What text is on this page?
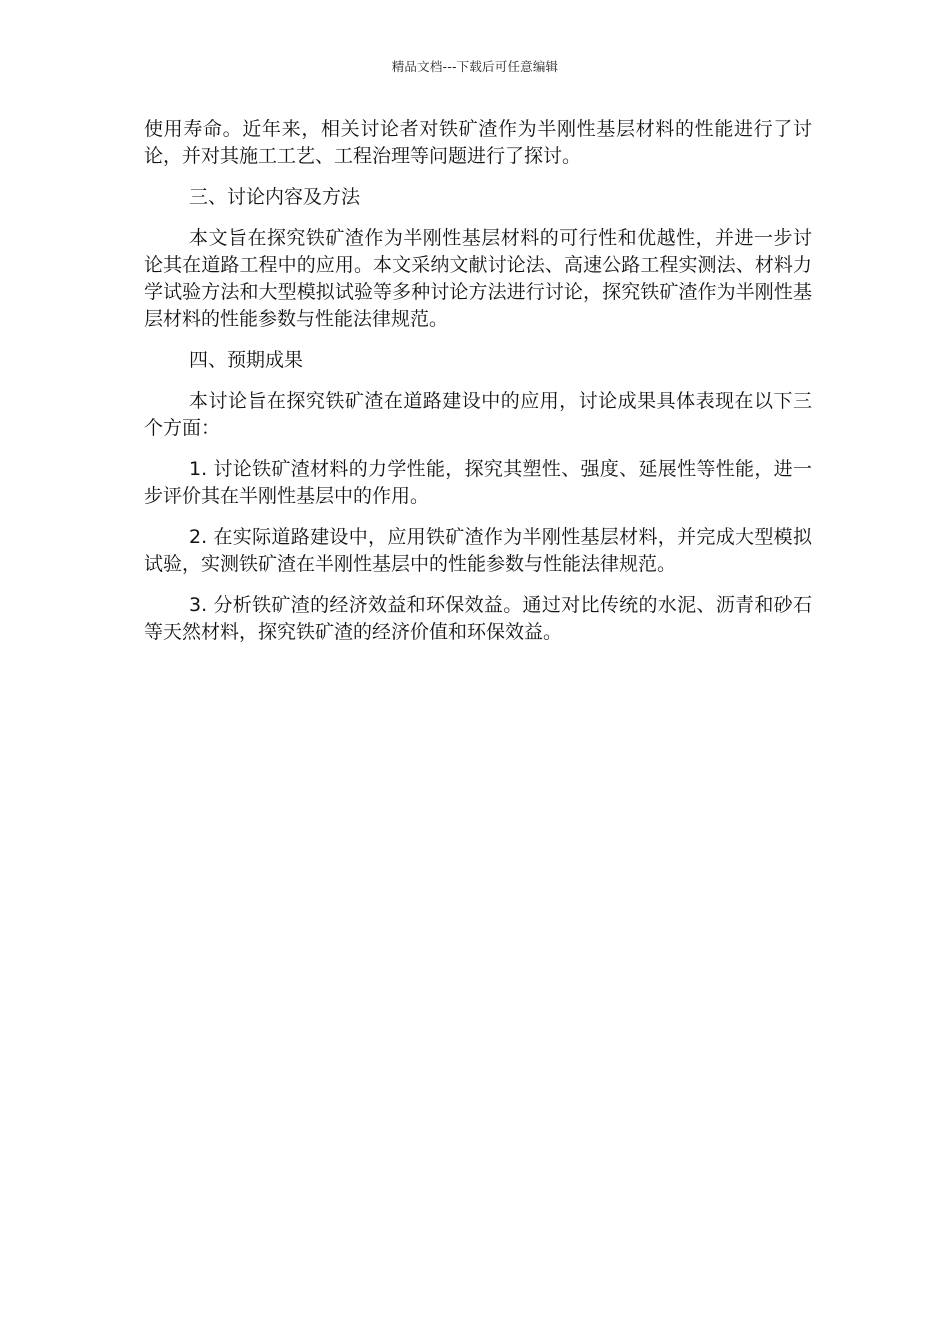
精品文档---下载后可任意编辑

使用寿命。近年来，相关讨论者对铁矿渣作为半刚性基层材料的性能进行了讨论，并对其施工工艺、工程治理等问题进行了探讨。

三、讨论内容及方法

本文旨在探究铁矿渣作为半刚性基层材料的可行性和优越性，并进一步讨论其在道路工程中的应用。本文采纳文献讨论法、高速公路工程实测法、材料力学试验方法和大型模拟试验等多种讨论方法进行讨论，探究铁矿渣作为半刚性基层材料的性能参数与性能法律规范。

四、预期成果

本讨论旨在探究铁矿渣在道路建设中的应用，讨论成果具体表现在以下三个方面：

1. 讨论铁矿渣材料的力学性能，探究其塑性、强度、延展性等性能，进一步评价其在半刚性基层中的作用。

2. 在实际道路建设中，应用铁矿渣作为半刚性基层材料，并完成大型模拟试验，实测铁矿渣在半刚性基层中的性能参数与性能法律规范。

3. 分析铁矿渣的经济效益和环保效益。通过对比传统的水泥、沥青和砂石等天然材料，探究铁矿渣的经济价值和环保效益。
